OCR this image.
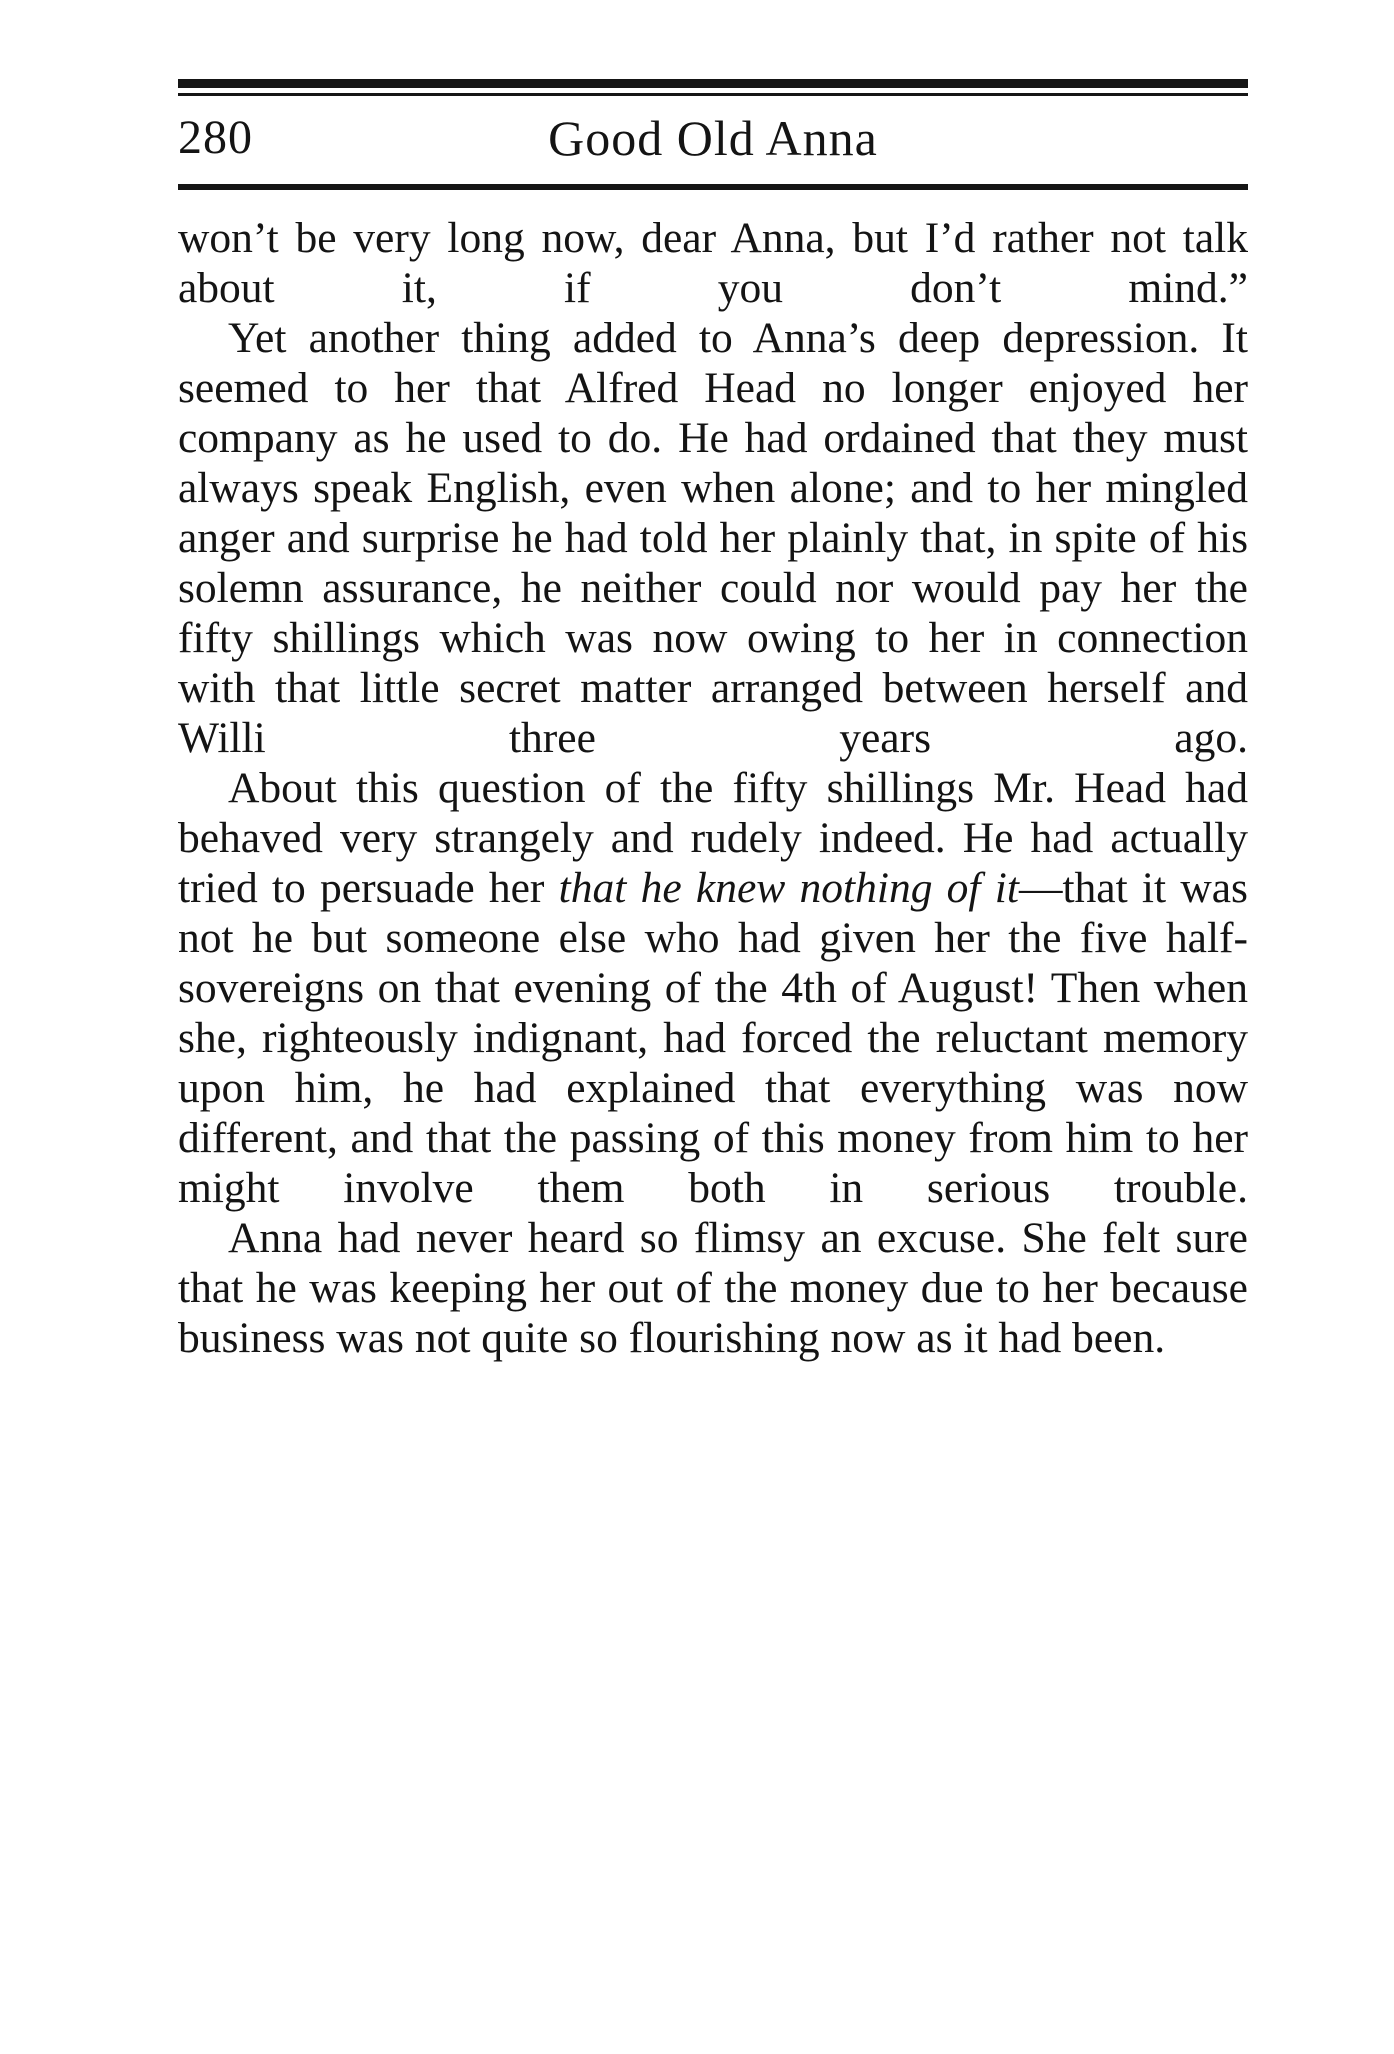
280	Good Old Anna

won’t be very long now, dear Anna, but I’d rather not talk about it, if you don’t mind.”

Yet another thing added to Anna’s deep depression. It seemed to her that Alfred Head no longer enjoyed her company as he used to do. He had ordained that they must always speak English, even when alone; and to her mingled anger and surprise he had told her plainly that, in spite of his solemn assurance, he neither could nor would pay her the fifty shillings which was now owing to her in connection with that little secret matter arranged between herself and Willi three years ago.

About this question of the fifty shillings Mr. Head had behaved very strangely and rudely indeed. He had actually tried to persuade her that he knew nothing of it—that it was not he but someone else who had given her the five half-sovereigns on that evening of the 4th of August! Then when she, righteously indignant, had forced the reluctant memory upon him, he had explained that everything was now different, and that the passing of this money from him to her might involve them both in serious trouble.

Anna had never heard so flimsy an excuse. She felt sure that he was keeping her out of the money due to her because business was not quite so flourishing now as it had been.
